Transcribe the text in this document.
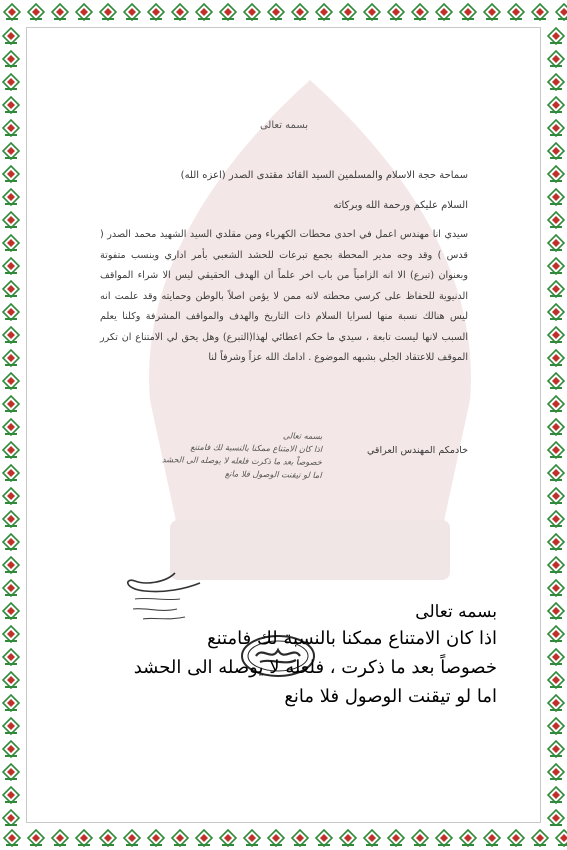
بسمه تعالى
سماحة حجة الاسلام والمسلمين السيد القائد مقتدى الصدر (اعزه الله)
السلام عليكم ورحمة الله وبركاته
سيدي انا مهندس اعمل في احدى محطات الكهرباء ومن مقلدي السيد الشهيد محمد الصدر ( قدس ) وقد وجه مدير المحطة بجمع تبرعات للحشد الشعبي بأمر اداري وبنسب متفوتة وبعنوان (تبرع) الا انه الزامياً من باب اخر علماً ان الهدف الحقيقي ليس الا شراء المواقف الدنيوية للحفاظ على كرسي محطته لانه ممن لا يؤمن اصلاً بالوطن وحمايته وقد علمت انه ليس هنالك نسبة منها لسرايا السلام ذات التاريخ والهدف والمواقف المشرفة وكلنا يعلم السبب لانها ليست تابعة ، سيدي ما حكم اعطائي لهذا(التبرع) وهل يحق لي الامتناع ان تكرر الموقف للاعتقاد الجلي بشبهه الموضوع . ادامك الله عزاً وشرفاً لنا
خادمكم المهندس العراقي
بسمه تعالى
اذا كان الامتناع ممكنا بالنسبة لك فامتنع
خصوصاً بعد ما ذكرت فلعله لا يوصله الى الحشد
اما لو تيقنت الوصول فلا مانع
بسمه تعالى
اذا كان الامتناع ممكنا بالنسبة لك فامتنع
خصوصاً بعد ما ذكرت ، فلعله لا يوصله الى الحشد
اما لو تيقنت الوصول فلا مانع
